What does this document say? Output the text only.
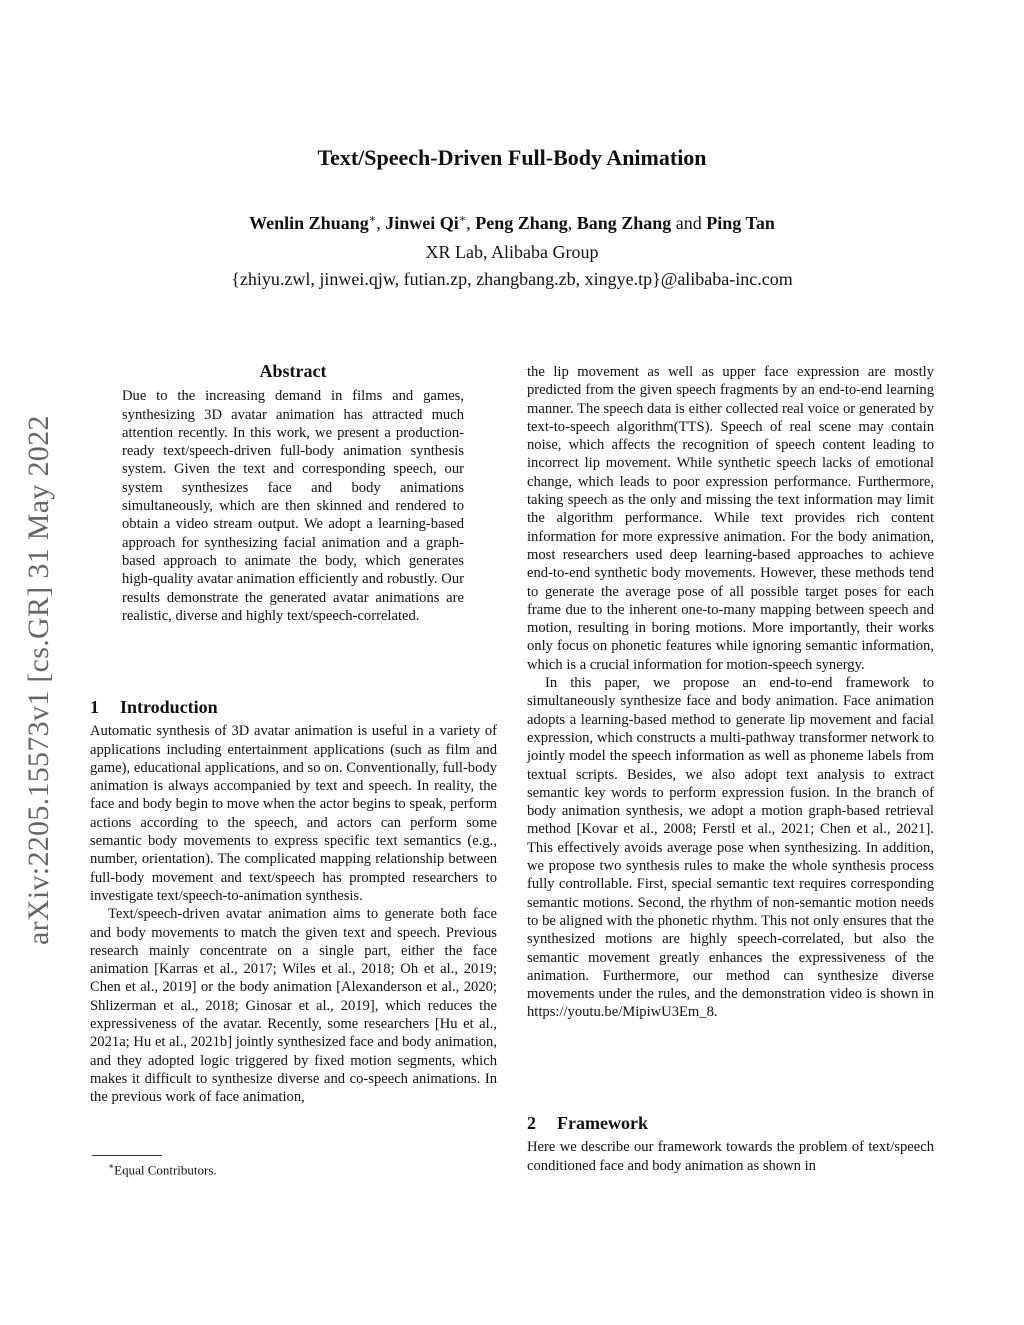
Text/Speech-Driven Full-Body Animation
Wenlin Zhuang∗, Jinwei Qi∗, Peng Zhang, Bang Zhang and Ping Tan
XR Lab, Alibaba Group
{zhiyu.zwl, jinwei.qjw, futian.zp, zhangbang.zb, xingye.tp}@alibaba-inc.com
arXiv:2205.15573v1 [cs.GR] 31 May 2022
Abstract

Due to the increasing demand in films and games, synthesizing 3D avatar animation has attracted much attention recently. In this work, we present a production-ready text/speech-driven full-body animation synthesis system. Given the text and corresponding speech, our system synthesizes face and body animations simultaneously, which are then skinned and rendered to obtain a video stream output. We adopt a learning-based approach for synthesizing facial animation and a graph-based approach to animate the body, which generates high-quality avatar animation efficiently and robustly. Our results demonstrate the generated avatar animations are realistic, diverse and highly text/speech-correlated.

1 Introduction

Automatic synthesis of 3D avatar animation is useful in a variety of applications including entertainment applications (such as film and game), educational applications, and so on. Conventionally, full-body animation is always accompanied by text and speech. In reality, the face and body begin to move when the actor begins to speak, perform actions according to the speech, and actors can perform some semantic body movements to express specific text semantics (e.g., number, orientation). The complicated mapping relationship between full-body movement and text/speech has prompted researchers to investigate text/speech-to-animation synthesis.

Text/speech-driven avatar animation aims to generate both face and body movements to match the given text and speech. Previous research mainly concentrate on a single part, either the face animation [Karras et al., 2017; Wiles et al., 2018; Oh et al., 2019; Chen et al., 2019] or the body animation [Alexanderson et al., 2020; Shlizerman et al., 2018; Ginosar et al., 2019], which reduces the expressiveness of the avatar. Recently, some researchers [Hu et al., 2021a; Hu et al., 2021b] jointly synthesized face and body animation, and they adopted logic triggered by fixed motion segments, which makes it difficult to synthesize diverse and co-speech animations. In the previous work of face animation,

the lip movement as well as upper face expression are mostly predicted from the given speech fragments by an end-to-end learning manner. The speech data is either collected real voice or generated by text-to-speech algorithm(TTS). Speech of real scene may contain noise, which affects the recognition of speech content leading to incorrect lip movement. While synthetic speech lacks of emotional change, which leads to poor expression performance. Furthermore, taking speech as the only and missing the text information may limit the algorithm performance. While text provides rich content information for more expressive animation. For the body animation, most researchers used deep learning-based approaches to achieve end-to-end synthetic body movements. However, these methods tend to generate the average pose of all possible target poses for each frame due to the inherent one-to-many mapping between speech and motion, resulting in boring motions. More importantly, their works only focus on phonetic features while ignoring semantic information, which is a crucial information for motion-speech synergy.

In this paper, we propose an end-to-end framework to simultaneously synthesize face and body animation. Face animation adopts a learning-based method to generate lip movement and facial expression, which constructs a multi-pathway transformer network to jointly model the speech information as well as phoneme labels from textual scripts. Besides, we also adopt text analysis to extract semantic key words to perform expression fusion. In the branch of body animation synthesis, we adopt a motion graph-based retrieval method [Kovar et al., 2008; Ferstl et al., 2021; Chen et al., 2021]. This effectively avoids average pose when synthesizing. In addition, we propose two synthesis rules to make the whole synthesis process fully controllable. First, special semantic text requires corresponding semantic motions. Second, the rhythm of non-semantic motion needs to be aligned with the phonetic rhythm. This not only ensures that the synthesized motions are highly speech-correlated, but also the semantic movement greatly enhances the expressiveness of the animation. Furthermore, our method can synthesize diverse movements under the rules, and the demonstration video is shown in https://youtu.be/MipiwU3Em_8.

2 Framework

Here we describe our framework towards the problem of text/speech conditioned face and body animation as shown in

∗Equal Contributors.
